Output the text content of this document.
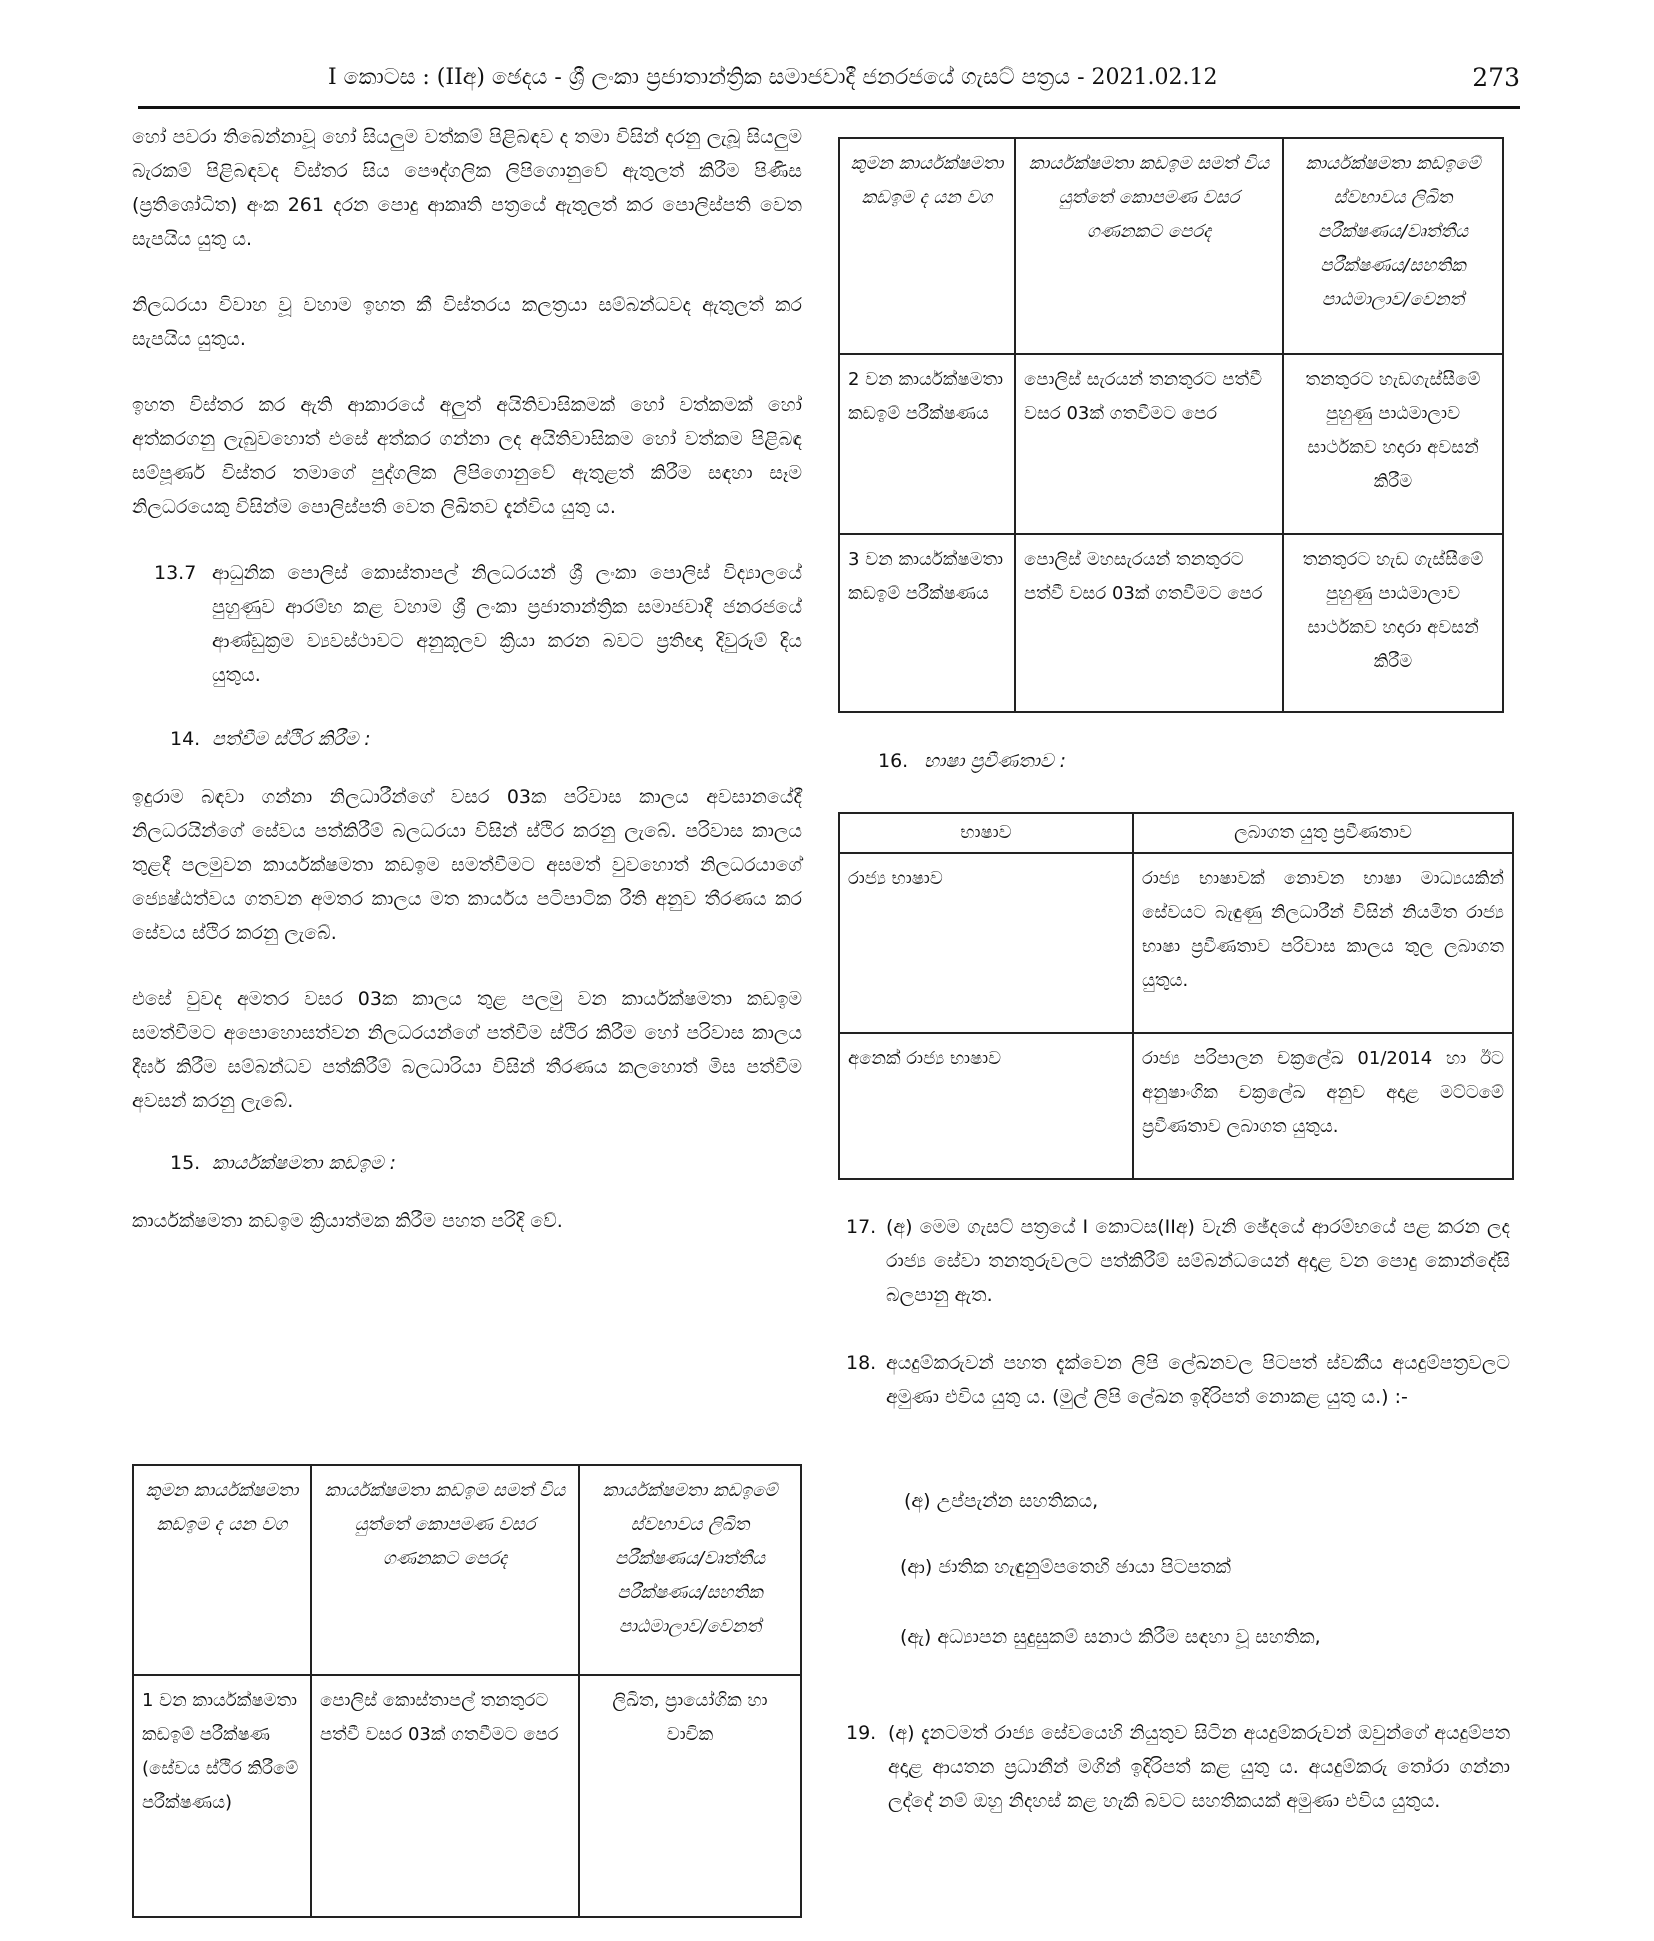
I කොටස : (IIඅ) ඡෙදය - ශ්‍රී ලංකා ප්‍රජාතාන්ත්‍රික සමාජවාදී ජනරජයේ ගැසට් පත්‍රය - 2021.02.12	273

හෝ පවරා තිබෙන්නාවූ හෝ සියලුම වත්කම් පිළිබඳව ද තමා විසින් දරනු ලැබූ සියලුම බැරකම් පිළිබඳවද විස්තර සිය පෞද්ගලික ලිපිගොනුවේ ඇතුලත් කිරීම පිණිස (ප්‍රතිශෝධිත) අංක 261 දරන පොදු ආකෘති පත්‍රයේ ඇතුලත් කර පොලිස්පති වෙත සැපයිය යුතු ය.

නිලධරයා විවාහ වූ වහාම ඉහත කී විස්තරය කලත්‍රයා සම්බන්ධවද ඇතුලත් කර සැපයිය යුතුය.

ඉහත විස්තර කර ඇති ආකාරයේ අලුත් අයිතිවාසිකමක් හෝ වත්කමක් හෝ අත්කරගනු ලැබුවහොත් එසේ අත්කර ගන්නා ලද අයිතිවාසිකම හෝ වත්කම පිළිබඳ සම්පූර්ණ විස්තර තමාගේ පුද්ගලික ලිපිගොනුවේ ඇතුළත් කිරීම සඳහා සෑම නිලධරයෙකු විසින්ම පොලිස්පති වෙත ලිඛිතව දැන්විය යුතු ය.

13.7 ආධුනික පොලිස් කොස්තාපල් නිලධරයන් ශ්‍රී ලංකා පොලිස් විද්‍යාලයේ පුහුණුව ආරම්භ කළ වහාම ශ්‍රී ලංකා ප්‍රජාතාන්ත්‍රික සමාජවාදී ජනරජයේ ආණ්ඩුක්‍රම ව්‍යවස්ථාවට අනුකූලව ක්‍රියා කරන බවට ප්‍රතිඥා දිවුරුම් දිය යුතුය.

14. පත්වීම ස්ථිර කිරීම :

ඉදුරාම බඳවා ගන්නා නිලධාරීන්ගේ වසර 03ක පරිවාස කාලය අවසානයේදී නිලධරයින්ගේ සේවය පත්කිරීම් බලධරයා විසින් ස්ථිර කරනු ලැබේ. පරිවාස කාලය තුළදී පලමුවන කාර්යක්ෂමතා කඩඉම සමත්වීමට අසමත් වුවහොත් නිලධරයාගේ ජ්‍යෙෂ්ඨත්වය ගතවන අමතර කාලය මත කාර්යය පටිපාටික රීති අනුව තීරණය කර සේවය ස්ථිර කරනු ලැබේ.

එසේ වුවද අමතර වසර 03ක කාලය තුළ පලමු වන කාර්යක්ෂමතා කඩඉම සමත්වීමට අපොහොසත්වන නිලධරයන්ගේ පත්වීම ස්ථිර කිරීම හෝ පරිවාස කාලය දීර්ඝ කිරීම සම්බන්ධව පත්කිරීම් බලධාරියා විසින් තීරණය කලහොත් මිස පත්වීම අවසන් කරනු ලැබේ.

15. කාර්යක්ෂමතා කඩඉම :

කාර්යක්ෂමතා කඩඉම ක්‍රියාත්මක කිරීම පහත පරිදි වේ.

කුමන කාර්යක්ෂමතා කඩඉම ද යන වග	කාර්යක්ෂමතා කඩඉම සමත් විය යුත්තේ කොපමණ වසර ගණනකට පෙරද	කාර්යක්ෂමතා කඩඉමේ ස්වභාවය ලිඛිත පරීක්ෂණය/වෘත්තීය පරීක්ෂණය/සහතික පාඨමාලාව/වෙනත්
1 වන කාර්යක්ෂමතා කඩඉම් පරීක්ෂණ (සේවය ස්ථිර කිරීමේ පරීක්ෂණය)	පොලිස් කොස්තාපල් තනතුරට පත්වී වසර 03ක් ගතවීමට පෙර	ලිඛිත, ප්‍රායෝගික හා වාචික
කුමන කාර්යක්ෂමතා කඩඉම ද යන වග	කාර්යක්ෂමතා කඩඉම සමත් විය යුත්තේ කොපමණ වසර ගණනකට පෙරද	කාර්යක්ෂමතා කඩඉමේ ස්වභාවය ලිඛිත පරීක්ෂණය/වෘත්තීය පරීක්ෂණය/සහතික පාඨමාලාව/වෙනත්
2 වන කාර්යක්ෂමතා කඩඉම් පරීක්ෂණය	පොලිස් සැරයන් තනතුරට පත්වී වසර 03ක් ගතවීමට පෙර	තනතුරට හැඩගැස්සීමේ පුහුණු පාඨමාලාව සාර්ථකව හදාරා අවසන් කිරීම
3 වන කාර්යක්ෂමතා කඩඉම් පරීක්ෂණය	පොලිස් මහසැරයන් තනතුරට පත්වී වසර 03ක් ගතවීමට පෙර	තනතුරට හැඩ ගැස්සීමේ පුහුණු පාඨමාලාව සාර්ථකව හදාරා අවසන් කිරීම
16. භාෂා ප්‍රවීණතාව :

භාෂාව	ලබාගත යුතු ප්‍රවීණතාව
රාජ්‍ය භාෂාව	රාජ්‍ය භාෂාවක් නොවන භාෂා මාධ්‍යයකින් සේවයට බැඳුණු නිලධාරීන් විසින් නියමිත රාජ්‍ය භාෂා ප්‍රවීණතාව පරිවාස කාලය තුල ලබාගත යුතුය.
අනෙක් රාජ්‍ය භාෂාව	රාජ්‍ය පරිපාලන චක්‍රලේඛ 01/2014 හා ඊට අනුෂාංගික චක්‍රලේඛ අනුව අදාළ මට්ටමේ ප්‍රවීණතාව ලබාගත යුතුය.
17. (අ) මෙම ගැසට් පත්‍රයේ I කොටස(IIඅ) වැනි ඡේදයේ ආරම්භයේ පළ කරන ලද රාජ්‍ය සේවා තනතුරුවලට පත්කිරීම් සම්බන්ධයෙන් අදාළ වන පොදු කොන්දේසි බලපානු ඇත.

18. අයදුම්කරුවන් පහත දැක්වෙන ලිපි ලේඛනවල පිටපත් ස්වකීය අයදුම්පත්‍රවලට අමුණා එවිය යුතු ය. (මුල් ලිපි ලේඛන ඉදිරිපත් නොකළ යුතු ය.) :-

(අ) උප්පැන්න සහතිකය,

(ආ) ජාතික හැඳුනුම්පතෙහි ඡායා පිටපතක්

(ඇ) අධ්‍යාපන සුදුසුකම් සනාථ කිරීම සඳහා වූ සහතික,

19. (අ) දැනටමත් රාජ්‍ය සේවයෙහි නියුතුව සිටින අයදුම්කරුවන් ඔවුන්ගේ අයදුම්පත අදාළ ආයතන ප්‍රධානීන් මගින් ඉදිරිපත් කළ යුතු ය. අයදුම්කරු තෝරා ගන්නා ලද්දේ නම් ඔහු නිදහස් කළ හැකි බවට සහතිකයක් අමුණා එවිය යුතුය.
